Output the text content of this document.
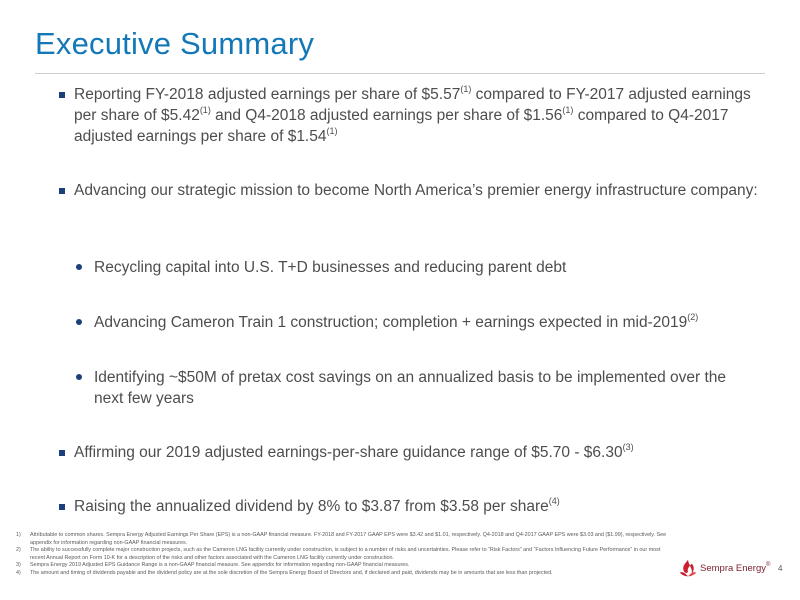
Executive Summary
Reporting FY-2018 adjusted earnings per share of $5.57$^{(1)}$ compared to FY-2017 adjusted earnings per share of $5.42$^{(1)}$ and Q4-2018 adjusted earnings per share of $1.56$^{(1)}$ compared to Q4-2017 adjusted earnings per share of $1.54$^{(1)}$
Advancing our strategic mission to become North America’s premier energy infrastructure company:
Recycling capital into U.S. T+D businesses and reducing parent debt
Advancing Cameron Train 1 construction; completion + earnings expected in mid-2019$^{(2)}$
Identifying ~$50M of pretax cost savings on an annualized basis to be implemented over the next few years
Affirming our 2019 adjusted earnings-per-share guidance range of $5.70 - $6.30$^{(3)}$
Raising the annualized dividend by 8% to $3.87 from $3.58 per share$^{(4)}$
1) Attributable to common shares. Sempra Energy Adjusted Earnings Per Share (EPS) is a non-GAAP financial measure. FY-2018 and FY-2017 GAAP EPS were $3.42 and $1.01, respectively. Q4-2018 and Q4-2017 GAAP EPS were $3.03 and ($1.99), respectively. See appendix for information regarding non-GAAP financial measures.
2) The ability to successfully complete major construction projects, such as the Cameron LNG facility currently under construction, is subject to a number of risks and uncertainties. Please refer to “Risk Factors” and “Factors Influencing Future Performance” in our most recent Annual Report on Form 10-K for a description of the risks and other factors associated with the Cameron LNG facility currently under construction.
3) Sempra Energy 2019 Adjusted EPS Guidance Range is a non-GAAP financial measure. See appendix for information regarding non-GAAP financial measures.
4) The amount and timing of dividends payable and the dividend policy are at the sole discretion of the Sempra Energy Board of Directors and, if declared and paid, dividends may be in amounts that are less than projected.	Sempra Energy® 4
